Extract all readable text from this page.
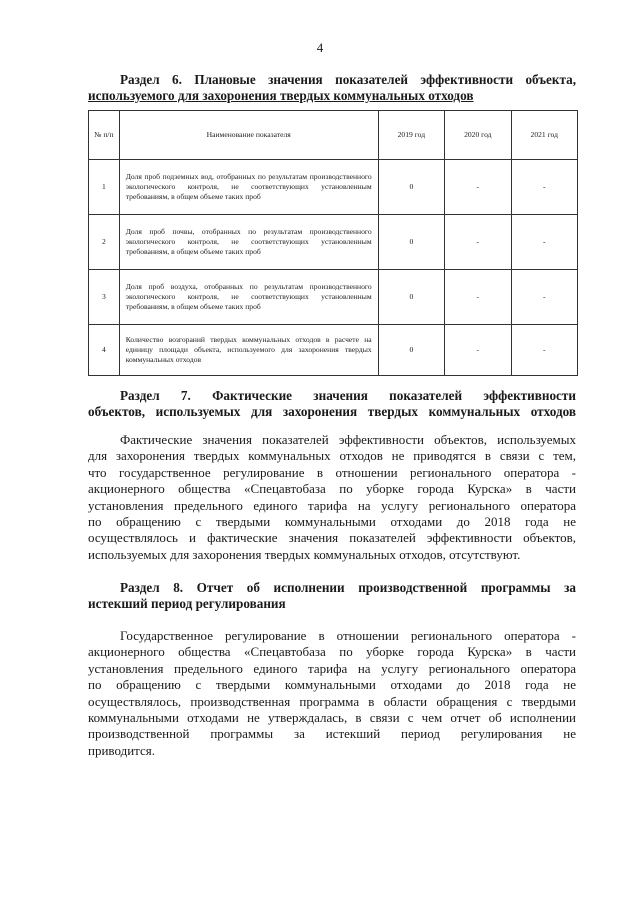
4
Раздел 6. Плановые значения показателей эффективности объекта,
используемого для захоронения твердых коммунальных отходов
№ п/п	Наименование показателя	2019 год	2020 год	2021 год
1	Доля проб подземных вод, отобранных по результатам производственного экологического контроля, не соответствующих установленным требованиям, в общем объеме таких проб	0	-	-
2	Доля проб почвы, отобранных по результатам производственного экологического контроля, не соответствующих установленным требованиям, в общем объеме таких проб	0	-	-
3	Доля проб воздуха, отобранных по результатам производственного экологического контроля, не соответствующих установленным требованиям, в общем объеме таких проб	0	-	-
4	Количество возгораний твердых коммунальных отходов в расчете на единицу площади объекта, используемого для захоронения твердых коммунальных отходов	0	-	-
Раздел 7. Фактические значения показателей эффективности
объектов, используемых для захоронения твердых коммунальных отходов
Фактические значения показателей эффективности объектов, используемых
для захоронения твердых коммунальных отходов не приводятся в связи с тем,
что государственное регулирование в отношении регионального оператора -
акционерного общества «Спецавтобаза по уборке города Курска» в части
установления предельного единого тарифа на услугу регионального оператора
по обращению с твердыми коммунальными отходами до 2018 года не
осуществлялось и фактические значения показателей эффективности объектов,
используемых для захоронения твердых коммунальных отходов, отсутствуют.
Раздел 8. Отчет об исполнении производственной программы за
истекший период регулирования
Государственное регулирование в отношении регионального оператора -
акционерного общества «Спецавтобаза по уборке города Курска» в части
установления предельного единого тарифа на услугу регионального оператора
по обращению с твердыми коммунальными отходами до 2018 года не
осуществлялось, производственная программа в области обращения с твердыми
коммунальными отходами не утверждалась, в связи с чем отчет об исполнении
производственной программы за истекший период регулирования не
приводится.
